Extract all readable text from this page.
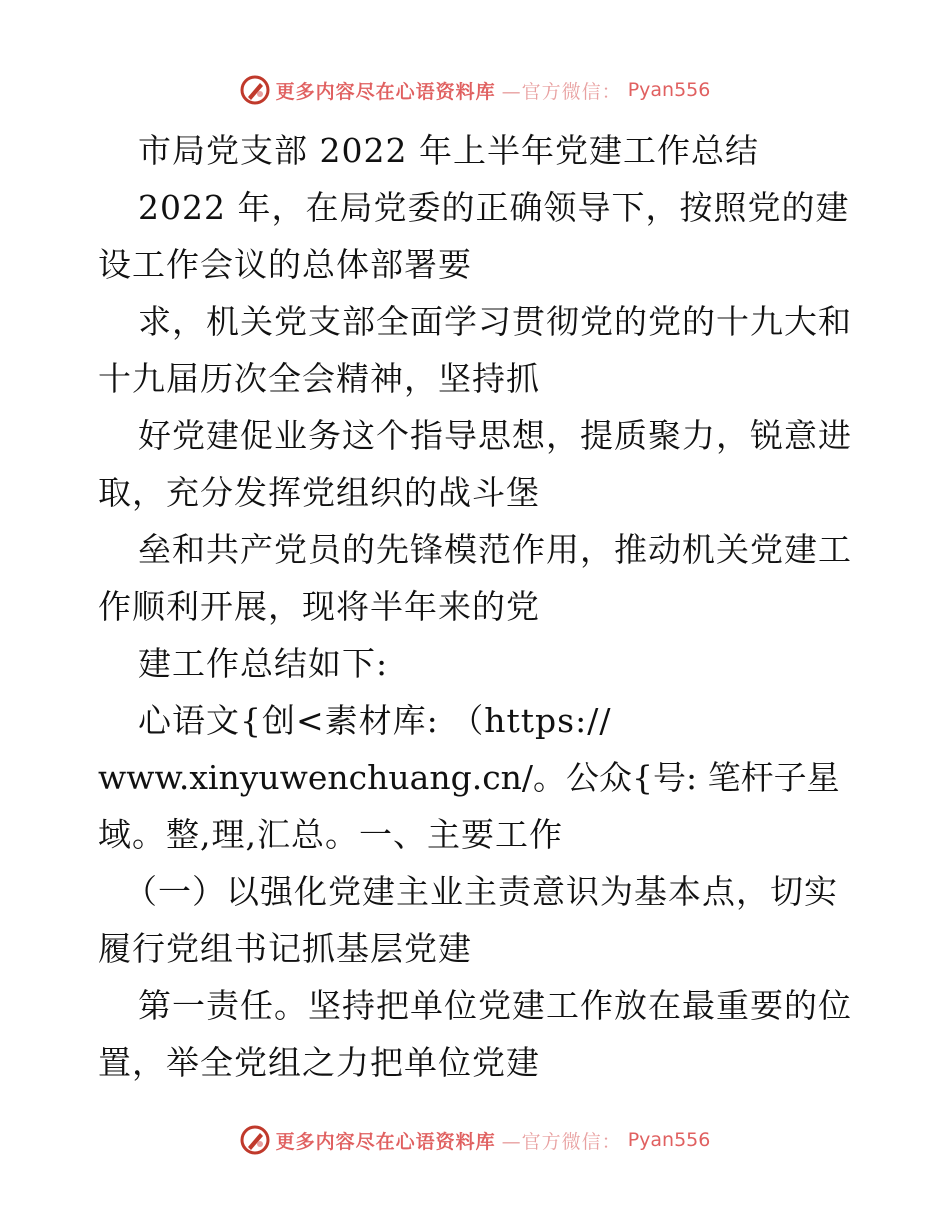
更多内容尽在心语资料库 —官方微信： Pyan556
市局党支部 2022 年上半年党建工作总结
2022 年，在局党委的正确领导下，按照党的建
设工作会议的总体部署要
求，机关党支部全面学习贯彻党的党的十九大和
十九届历次全会精神，坚持抓
好党建促业务这个指导思想，提质聚力，锐意进
取，充分发挥党组织的战斗堡
垒和共产党员的先锋模范作用，推动机关党建工
作顺利开展，现将半年来的党
建工作总结如下:
心语文{创<素材库: （https://
www.xinyuwenchuang.cn/。公众{号: 笔杆子星
域。整,理,汇总。一、主要工作
（一）以强化党建主业主责意识为基本点，切实
履行党组书记抓基层党建
第一责任。坚持把单位党建工作放在最重要的位
置，举全党组之力把单位党建
更多内容尽在心语资料库 —官方微信： Pyan556
